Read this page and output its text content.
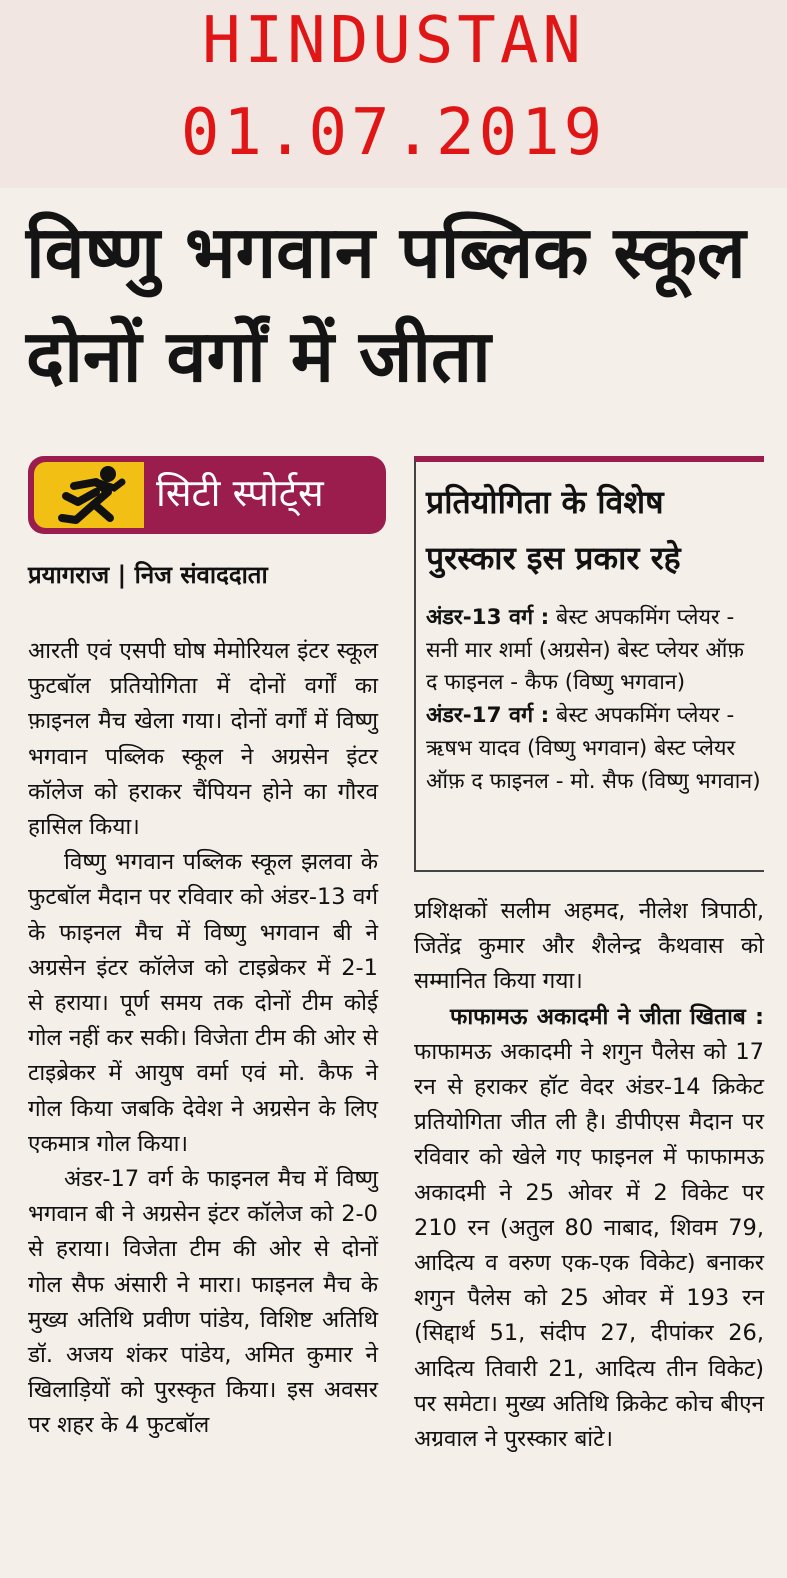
HINDUSTAN
01.07.2019
विष्णु भगवान पब्लिक स्कूल दोनों वर्गों में जीता
सिटी स्पोर्ट्स
प्रयागराज | निज संवाददाता

आरती एवं एसपी घोष मेमोरियल इंटर स्कूल फुटबॉल प्रतियोगिता में दोनों वर्गों का फ़ाइनल मैच खेला गया। दोनों वर्गों में विष्णु भगवान पब्लिक स्कूल ने अग्रसेन इंटर कॉलेज को हराकर चैंपियन होने का गौरव हासिल किया।

विष्णु भगवान पब्लिक स्कूल झलवा के फुटबॉल मैदान पर रविवार को अंडर-13 वर्ग के फाइनल मैच में विष्णु भगवान बी ने अग्रसेन इंटर कॉलेज को टाइब्रेकर में 2-1 से हराया। पूर्ण समय तक दोनों टीम कोई गोल नहीं कर सकी। विजेता टीम की ओर से टाइब्रेकर में आयुष वर्मा एवं मो. कैफ ने गोल किया जबकि देवेश ने अग्रसेन के लिए एकमात्र गोल किया।

अंडर-17 वर्ग के फाइनल मैच में विष्णु भगवान बी ने अग्रसेन इंटर कॉलेज को 2-0 से हराया। विजेता टीम की ओर से दोनों गोल सैफ अंसारी ने मारा। फाइनल मैच के मुख्य अतिथि प्रवीण पांडेय, विशिष्ट अतिथि डॉ. अजय शंकर पांडेय, अमित कुमार ने खिलाड़ियों को पुरस्कृत किया। इस अवसर पर शहर के 4 फुटबॉल

प्रतियोगिता के विशेष पुरस्कार इस प्रकार रहे

अंडर-13 वर्ग : बेस्ट अपकमिंग प्लेयर - सनी मार शर्मा (अग्रसेन) बेस्ट प्लेयर ऑफ़ द फाइनल - कैफ (विष्णु भगवान)

अंडर-17 वर्ग : बेस्ट अपकमिंग प्लेयर - ऋषभ यादव (विष्णु भगवान) बेस्ट प्लेयर ऑफ़ द फाइनल - मो. सैफ (विष्णु भगवान)

प्रशिक्षकों सलीम अहमद, नीलेश त्रिपाठी, जितेंद्र कुमार और शैलेन्द्र कैथवास को सम्मानित किया गया।

फाफामऊ अकादमी ने जीता खिताब : फाफामऊ अकादमी ने शगुन पैलेस को 17 रन से हराकर हॉट वेदर अंडर-14 क्रिकेट प्रतियोगिता जीत ली है। डीपीएस मैदान पर रविवार को खेले गए फाइनल में फाफामऊ अकादमी ने 25 ओवर में 2 विकेट पर 210 रन (अतुल 80 नाबाद, शिवम 79, आदित्य व वरुण एक-एक विकेट) बनाकर शगुन पैलेस को 25 ओवर में 193 रन (सिद्दार्थ 51, संदीप 27, दीपांकर 26, आदित्य तिवारी 21, आदित्य तीन विकेट) पर समेटा। मुख्य अतिथि क्रिकेट कोच बीएन अग्रवाल ने पुरस्कार बांटे।
